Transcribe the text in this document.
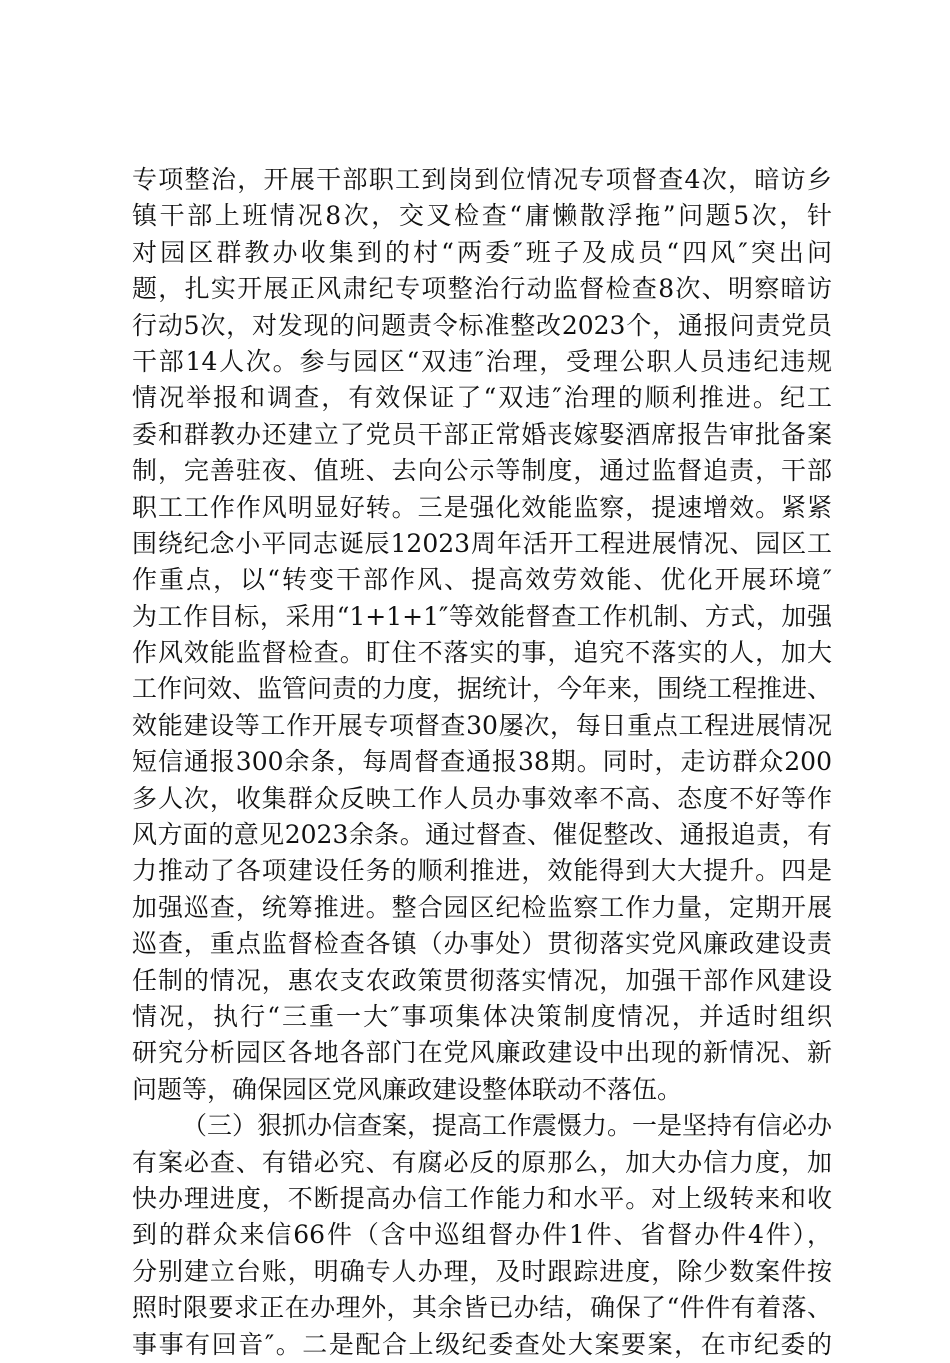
专项整治，开展干部职工到岗到位情况专项督查4次，暗访乡
镇干部上班情况8次，交叉检查“庸懒散浮拖”问题5次，针
对园区群教办收集到的村“两委″班子及成员“四风″突出问
题，扎实开展正风肃纪专项整治行动监督检查8次、明察暗访
行动5次，对发现的问题责令标准整改2023个，通报问责党员
干部14人次。参与园区“双违″治理，受理公职人员违纪违规
情况举报和调查，有效保证了“双违″治理的顺利推进。纪工
委和群教办还建立了党员干部正常婚丧嫁娶酒席报告审批备案
制，完善驻夜、值班、去向公示等制度，通过监督追责，干部
职工工作作风明显好转。三是强化效能监察，提速增效。紧紧
围绕纪念小平同志诞辰12023周年活开工程进展情况、园区工
作重点，以“转变干部作风、提高效劳效能、优化开展环境″
为工作目标，采用“1+1+1″等效能督查工作机制、方式，加强
作风效能监督检查。盯住不落实的事，追究不落实的人，加大
工作问效、监管问责的力度，据统计，今年来，围绕工程推进、
效能建设等工作开展专项督查30屡次，每日重点工程进展情况
短信通报300余条，每周督查通报38期。同时，走访群众200
多人次，收集群众反映工作人员办事效率不高、态度不好等作
风方面的意见2023余条。通过督查、催促整改、通报追责，有
力推动了各项建设任务的顺利推进，效能得到大大提升。四是
加强巡查，统筹推进。整合园区纪检监察工作力量，定期开展
巡查，重点监督检查各镇（办事处）贯彻落实党风廉政建设责
任制的情况，惠农支农政策贯彻落实情况，加强干部作风建设
情况，执行“三重一大″事项集体决策制度情况，并适时组织
研究分析园区各地各部门在党风廉政建设中出现的新情况、新
问题等，确保园区党风廉政建设整体联动不落伍。
（三）狠抓办信查案，提高工作震慑力。一是坚持有信必办
有案必查、有错必究、有腐必反的原那么，加大办信力度，加
快办理进度，不断提高办信工作能力和水平。对上级转来和收
到的群众来信66件（含中巡组督办件1件、省督办件4件），
分别建立台账，明确专人办理，及时跟踪进度，除少数案件按
照时限要求正在办理外，其余皆已办结，确保了“件件有着落、
事事有回音″。二是配合上级纪委查处大案要案，在市纪委的
